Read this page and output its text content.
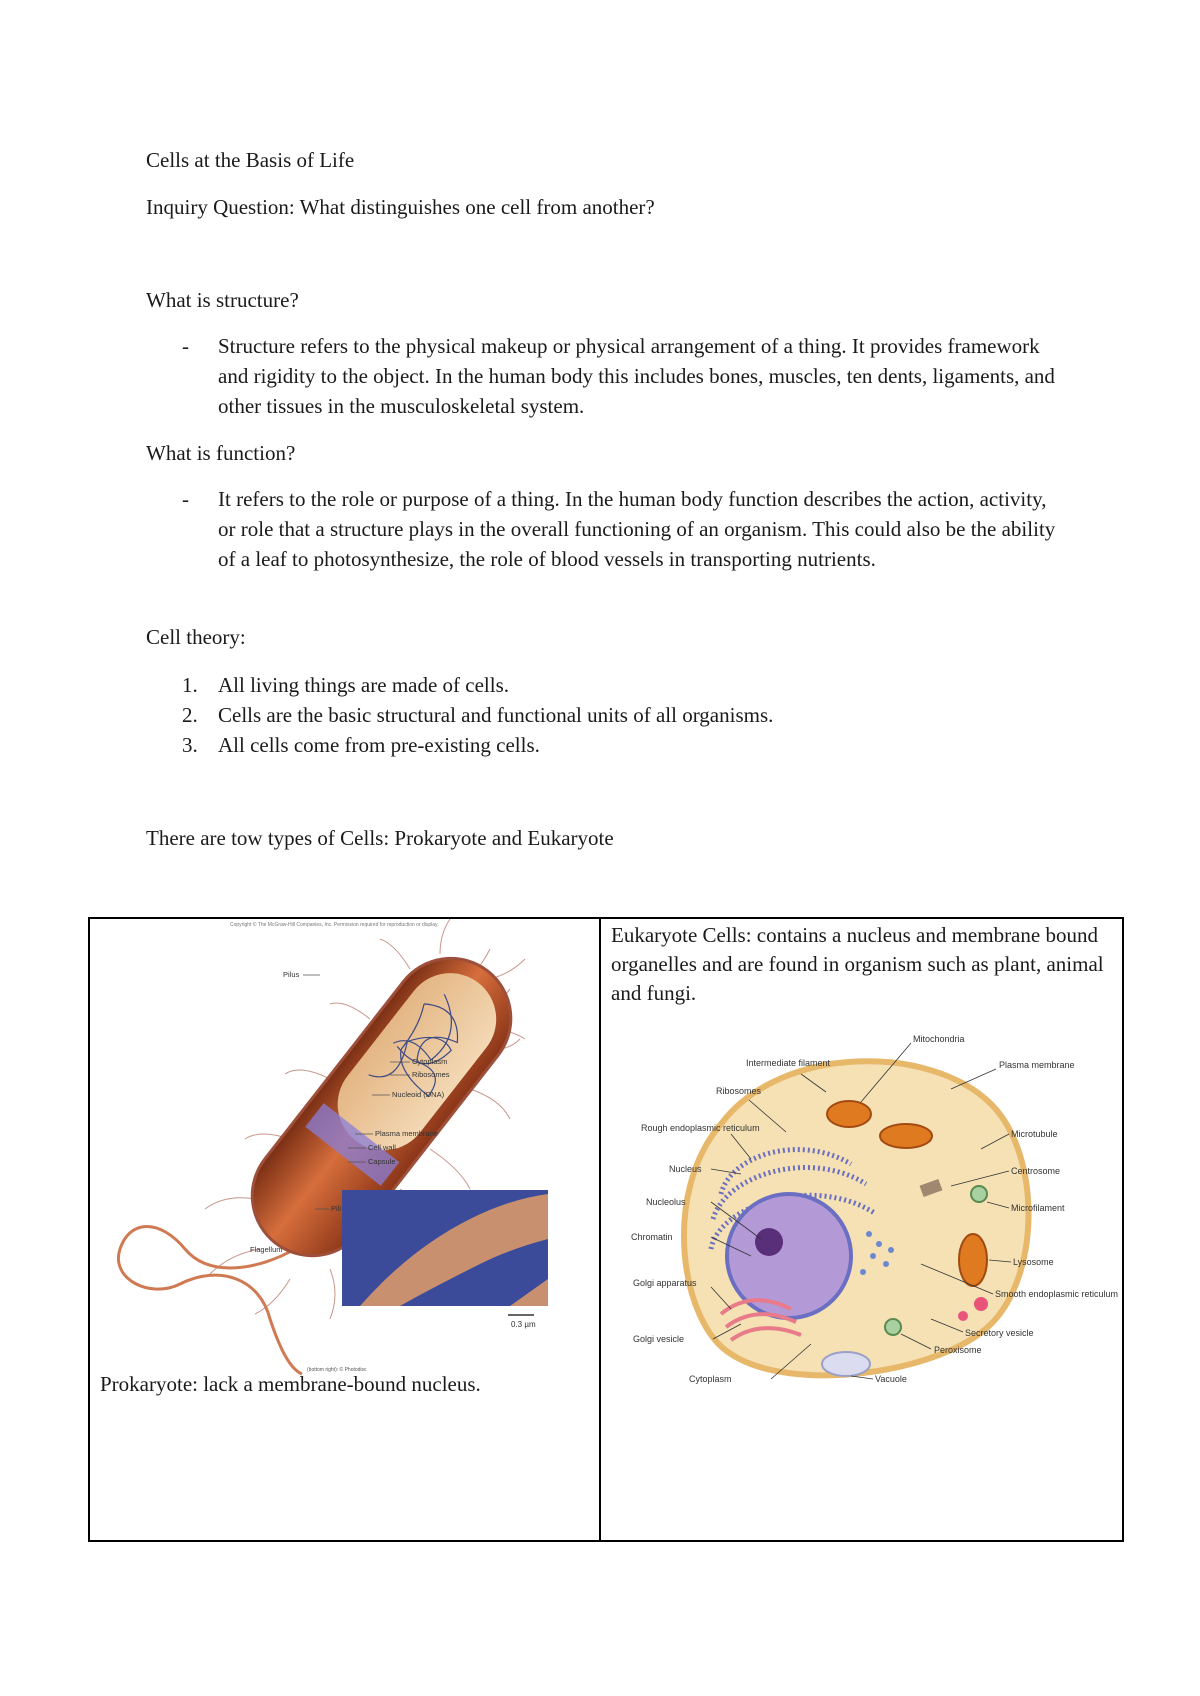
Cells at the Basis of Life
Inquiry Question: What distinguishes one cell from another?
What is structure?
- Structure refers to the physical makeup or physical arrangement of a thing. It provides framework and rigidity to the object. In the human body this includes bones, muscles, ten dents, ligaments, and other tissues in the musculoskeletal system.
What is function?
- It refers to the role or purpose of a thing. In the human body function describes the action, activity, or role that a structure plays in the overall functioning of an organism. This could also be the ability of a leaf to photosynthesize, the role of blood vessels in transporting nutrients.
Cell theory:
1. All living things are made of cells.
2. Cells are the basic structural and functional units of all organisms.
3. All cells come from pre-existing cells.
There are tow types of Cells: Prokaryote and Eukaryote
Copyright © The McGraw-Hill Companies, Inc. Permission required for reproduction or display.
0.3 µm
Pilus
Cytoplasm
Ribosomes
Nucleoid (DNA)
Plasma membrane
Cell wall
Capsule
Pili
Flagellum
(bottom right): © Photodisc
Prokaryote: lack a membrane-bound nucleus.
Eukaryote Cells: contains a nucleus and membrane bound organelles and are found in organism such as plant, animal and fungi.
Mitochondria
Intermediate filament	Plasma membrane
Ribosomes
Rough endoplasmic reticulum
Microtubule
Nucleus	Centrosome
Nucleolus
Microfilament
Chromatin
Lysosome
Golgi apparatus
Smooth endoplasmic reticulum
Secretory vesicle
Peroxisome
Golgi vesicle
Cytoplasm	Vacuole
